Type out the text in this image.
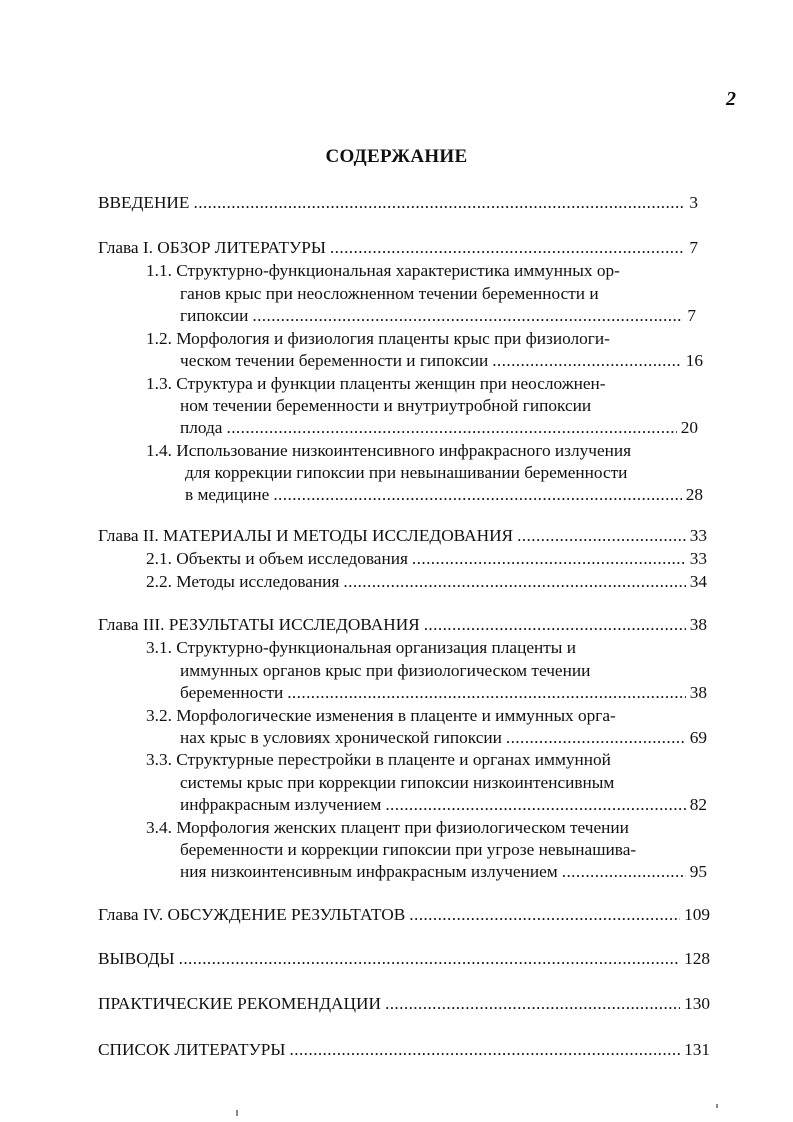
2
СОДЕРЖАНИЕ
ВВЕДЕНИЕ .....	3
Глава I. ОБЗОР ЛИТЕРАТУРЫ .....	7
1.1. Структурно-функциональная характеристика иммунных ор-
ганов крыс при неосложненном течении беременности и
гипоксии .....	7
1.2. Морфология и физиология плаценты крыс при физиологи-
ческом течении беременности и гипоксии .....	16
1.3. Структура и функции плаценты женщин при неосложнен-
ном течении беременности и внутриутробной гипоксии
плода .....	20
1.4. Использование низкоинтенсивного инфракрасного излучения
для коррекции гипоксии при невынашивании беременности
в медицине .....	28
Глава II. МАТЕРИАЛЫ И МЕТОДЫ ИССЛЕДОВАНИЯ .....	33
2.1. Объекты и объем исследования .....	33
2.2. Методы исследования .....	34
Глава III. РЕЗУЛЬТАТЫ ИССЛЕДОВАНИЯ .....	38
3.1. Структурно-функциональная организация плаценты и
иммунных органов крыс при физиологическом течении
беременности .....	38
3.2. Морфологические изменения в плаценте и иммунных орга-
нах крыс в условиях хронической гипоксии .....	69
3.3. Структурные перестройки в плаценте и органах иммунной
системы крыс при коррекции гипоксии низкоинтенсивным
инфракрасным излучением .....	82
3.4. Морфология женских плацент при физиологическом течении
беременности и коррекции гипоксии при угрозе невынашива-
ния низкоинтенсивным инфракрасным излучением .....	95
Глава IV. ОБСУЖДЕНИЕ РЕЗУЛЬТАТОВ .....	109
ВЫВОДЫ .....	128
ПРАКТИЧЕСКИЕ РЕКОМЕНДАЦИИ .....	130
СПИСОК ЛИТЕРАТУРЫ .....	131
